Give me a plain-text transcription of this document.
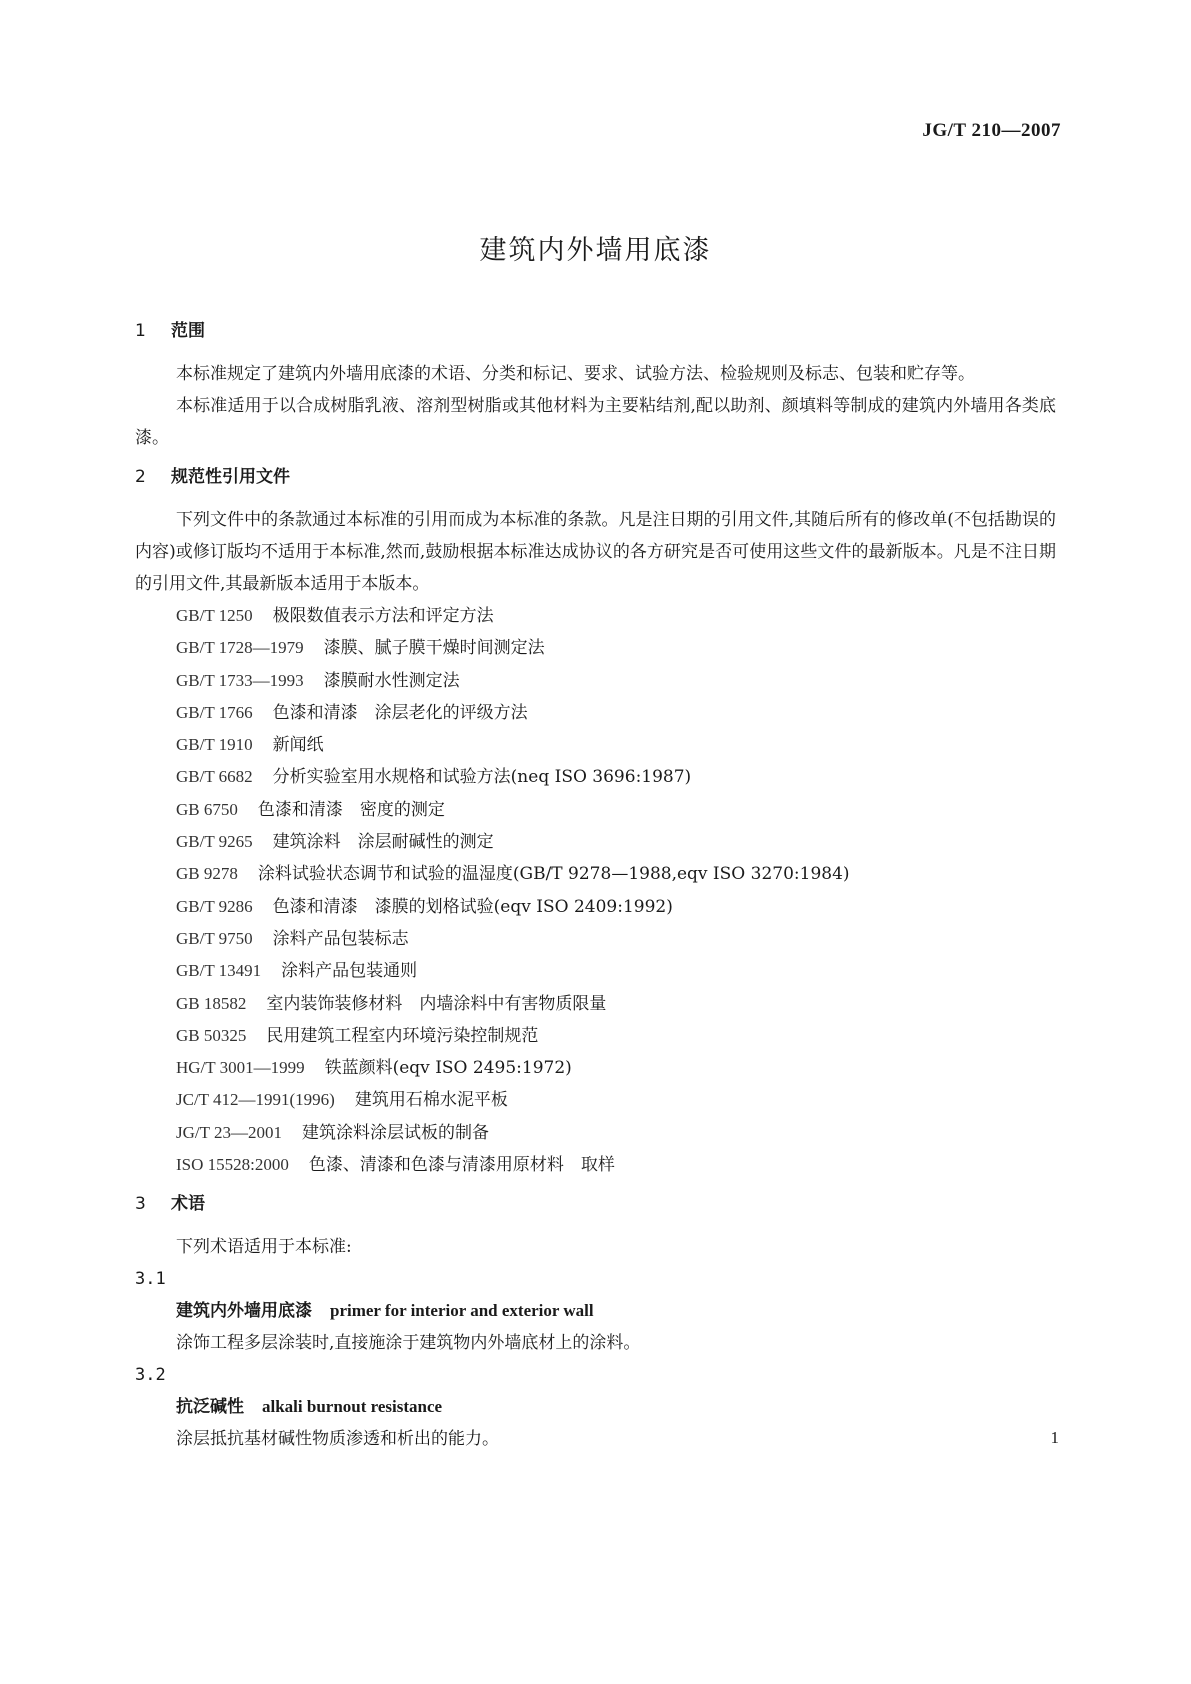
JG/T 210—2007
建筑内外墙用底漆
1 范围

本标准规定了建筑内外墙用底漆的术语、分类和标记、要求、试验方法、检验规则及标志、包装和贮存等。

本标准适用于以合成树脂乳液、溶剂型树脂或其他材料为主要粘结剂,配以助剂、颜填料等制成的建筑内外墙用各类底漆。

2 规范性引用文件

下列文件中的条款通过本标准的引用而成为本标准的条款。凡是注日期的引用文件,其随后所有的修改单(不包括勘误的内容)或修订版均不适用于本标准,然而,鼓励根据本标准达成协议的各方研究是否可使用这些文件的最新版本。凡是不注日期的引用文件,其最新版本适用于本版本。

GB/T 1250 极限数值表示方法和评定方法
GB/T 1728—1979 漆膜、腻子膜干燥时间测定法
GB/T 1733—1993 漆膜耐水性测定法
GB/T 1766 色漆和清漆　涂层老化的评级方法
GB/T 1910 新闻纸
GB/T 6682 分析实验室用水规格和试验方法(neq ISO 3696:1987)
GB 6750 色漆和清漆　密度的测定
GB/T 9265 建筑涂料　涂层耐碱性的测定
GB 9278 涂料试验状态调节和试验的温湿度(GB/T 9278—1988,eqv ISO 3270:1984)
GB/T 9286 色漆和清漆　漆膜的划格试验(eqv ISO 2409:1992)
GB/T 9750 涂料产品包装标志
GB/T 13491 涂料产品包装通则
GB 18582 室内装饰装修材料　内墙涂料中有害物质限量
GB 50325 民用建筑工程室内环境污染控制规范
HG/T 3001—1999 铁蓝颜料(eqv ISO 2495:1972)
JC/T 412—1991(1996) 建筑用石棉水泥平板
JG/T 23—2001 建筑涂料涂层试板的制备
ISO 15528:2000 色漆、清漆和色漆与清漆用原材料　取样
3 术语

下列术语适用于本标准:

3.1
建筑内外墙用底漆 primer for interior and exterior wall
涂饰工程多层涂装时,直接施涂于建筑物内外墙底材上的涂料。
3.2
抗泛碱性 alkali burnout resistance
涂层抵抗基材碱性物质渗透和析出的能力。	1
